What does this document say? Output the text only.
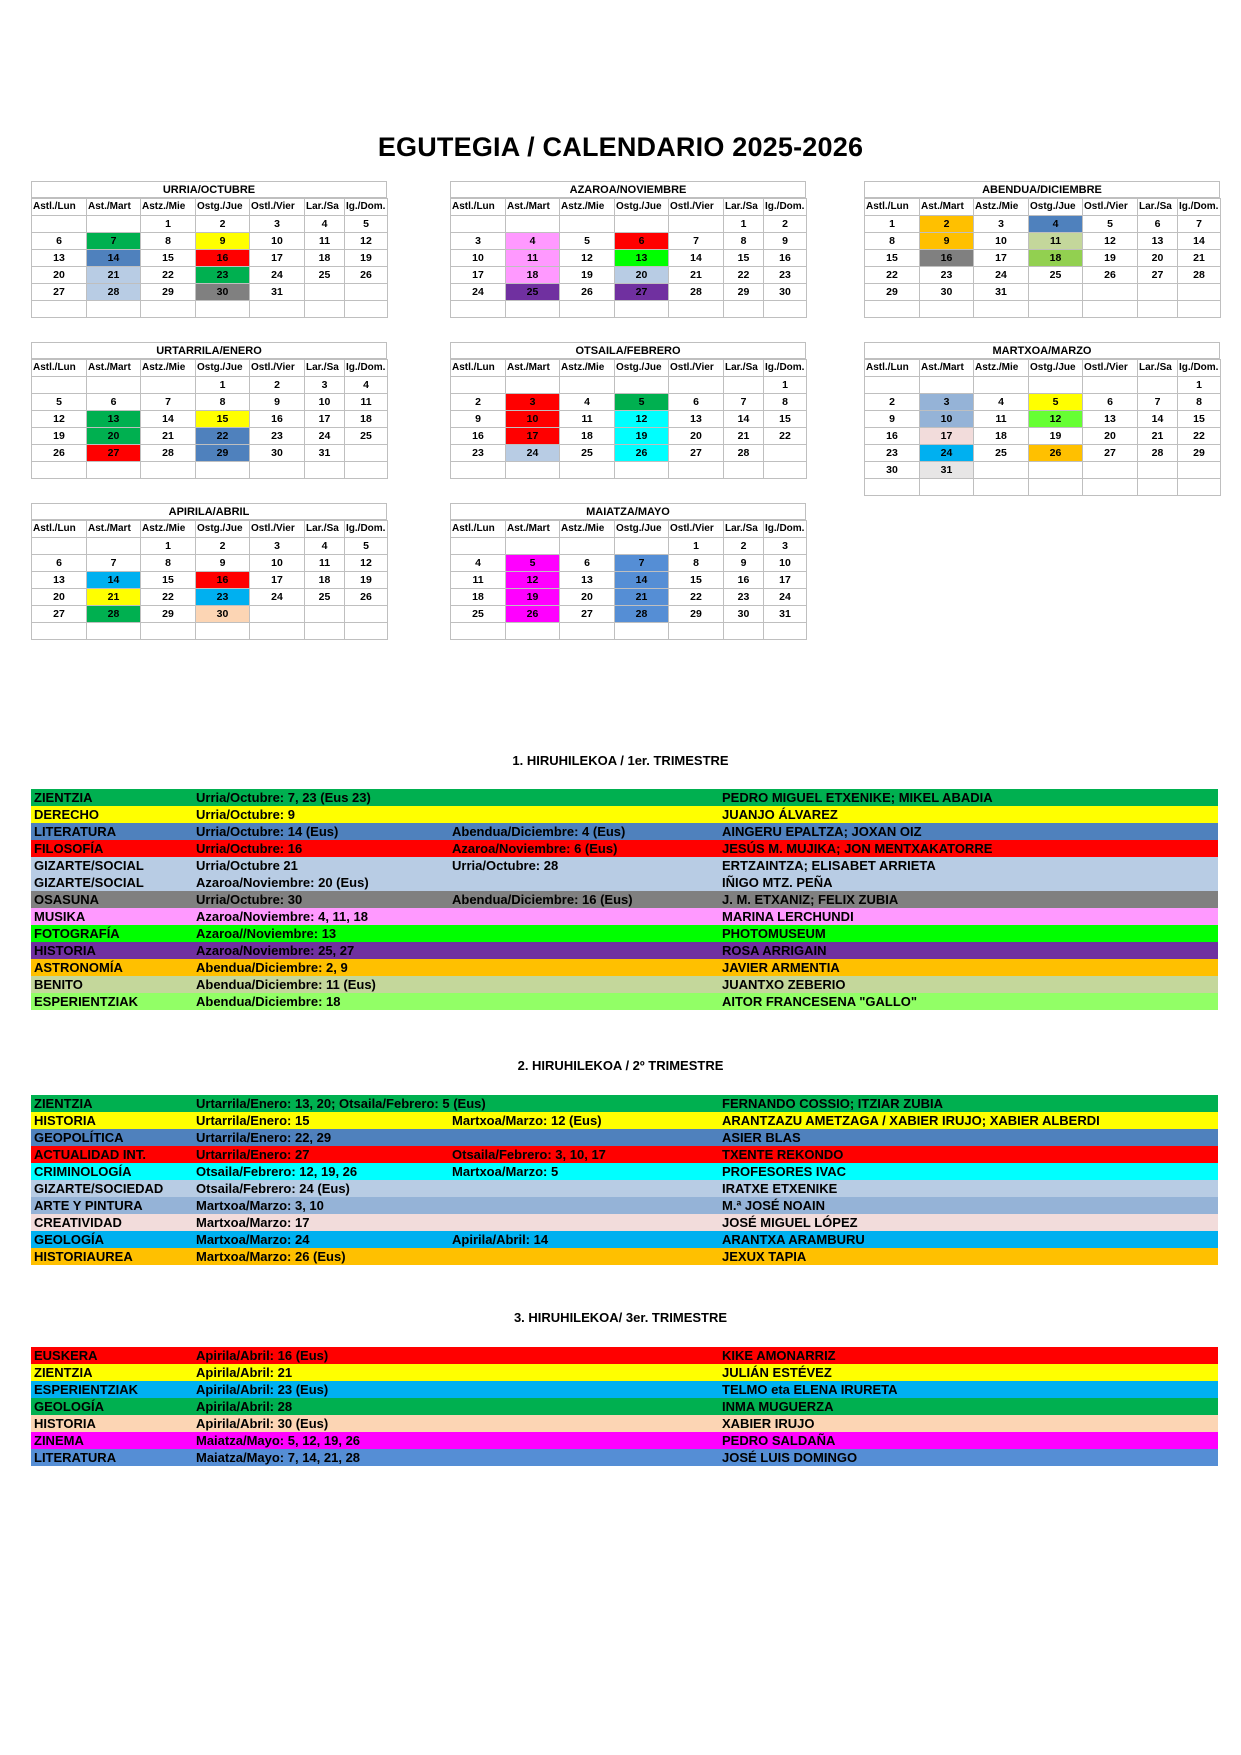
EGUTEGIA / CALENDARIO 2025-2026
URRIA/OCTUBRE
Astl./Lun	Ast./Mart	Astz./Mie	Ostg./Jue	Ostl./Vier	Lar./Sa	Ig./Dom.
		1	2	3	4	5
6	7	8	9	10	11	12
13	14	15	16	17	18	19
20	21	22	23	24	25	26
27	28	29	30	31		

AZAROA/NOVIEMBRE
Astl./Lun	Ast./Mart	Astz./Mie	Ostg./Jue	Ostl./Vier	Lar./Sa	Ig./Dom.
					1	2
3	4	5	6	7	8	9
10	11	12	13	14	15	16
17	18	19	20	21	22	23
24	25	26	27	28	29	30

ABENDUA/DICIEMBRE
Astl./Lun	Ast./Mart	Astz./Mie	Ostg./Jue	Ostl./Vier	Lar./Sa	Ig./Dom.
1	2	3	4	5	6	7
8	9	10	11	12	13	14
15	16	17	18	19	20	21
22	23	24	25	26	27	28
29	30	31				

URTARRILA/ENERO
Astl./Lun	Ast./Mart	Astz./Mie	Ostg./Jue	Ostl./Vier	Lar./Sa	Ig./Dom.
			1	2	3	4
5	6	7	8	9	10	11
12	13	14	15	16	17	18
19	20	21	22	23	24	25
26	27	28	29	30	31	

OTSAILA/FEBRERO
Astl./Lun	Ast./Mart	Astz./Mie	Ostg./Jue	Ostl./Vier	Lar./Sa	Ig./Dom.
						1
2	3	4	5	6	7	8
9	10	11	12	13	14	15
16	17	18	19	20	21	22
23	24	25	26	27	28	

MARTXOA/MARZO
Astl./Lun	Ast./Mart	Astz./Mie	Ostg./Jue	Ostl./Vier	Lar./Sa	Ig./Dom.
						1
2	3	4	5	6	7	8
9	10	11	12	13	14	15
16	17	18	19	20	21	22
23	24	25	26	27	28	29
30	31					

APIRILA/ABRIL
Astl./Lun	Ast./Mart	Astz./Mie	Ostg./Jue	Ostl./Vier	Lar./Sa	Ig./Dom.
		1	2	3	4	5
6	7	8	9	10	11	12
13	14	15	16	17	18	19
20	21	22	23	24	25	26
27	28	29	30			

MAIATZA/MAYO
Astl./Lun	Ast./Mart	Astz./Mie	Ostg./Jue	Ostl./Vier	Lar./Sa	Ig./Dom.
				1	2	3
4	5	6	7	8	9	10
11	12	13	14	15	16	17
18	19	20	21	22	23	24
25	26	27	28	29	30	31

1. HIRUHILEKOA / 1er. TRIMESTRE
ZIENTZIA	Urria/Octubre: 7, 23 (Eus 23)		PEDRO MIGUEL ETXENIKE; MIKEL ABADIA
DERECHO	Urria/Octubre: 9		JUANJO ÁLVAREZ
LITERATURA	Urria/Octubre: 14 (Eus)	Abendua/Diciembre: 4 (Eus)	AINGERU EPALTZA; JOXAN OIZ
FILOSOFÍA	Urria/Octubre: 16	Azaroa/Noviembre: 6 (Eus)	JESÚS M. MUJIKA; JON MENTXAKATORRE
GIZARTE/SOCIAL	Urria/Octubre 21	Urria/Octubre: 28	ERTZAINTZA; ELISABET ARRIETA
GIZARTE/SOCIAL	Azaroa/Noviembre: 20 (Eus)		IÑIGO MTZ. PEÑA
OSASUNA	Urria/Octubre: 30	Abendua/Diciembre: 16 (Eus)	J. M. ETXANIZ; FELIX ZUBIA
MUSIKA	Azaroa/Noviembre: 4, 11, 18		MARINA LERCHUNDI
FOTOGRAFÍA	Azaroa//Noviembre: 13		PHOTOMUSEUM
HISTORIA	Azaroa/Noviembre: 25, 27		ROSA ARRIGAIN
ASTRONOMÍA	Abendua/Diciembre: 2, 9		JAVIER ARMENTIA
BENITO	Abendua/Diciembre: 11 (Eus)		JUANTXO ZEBERIO
ESPERIENTZIAK	Abendua/Diciembre: 18		AITOR FRANCESENA "GALLO"
2. HIRUHILEKOA / 2º TRIMESTRE
ZIENTZIA	Urtarrila/Enero: 13, 20; Otsaila/Febrero: 5 (Eus)		FERNANDO COSSIO; ITZIAR ZUBIA
HISTORIA	Urtarrila/Enero: 15	Martxoa/Marzo: 12 (Eus)	ARANTZAZU AMETZAGA / XABIER IRUJO; XABIER ALBERDI
GEOPOLÍTICA	Urtarrila/Enero: 22, 29		ASIER BLAS
ACTUALIDAD INT.	Urtarrila/Enero: 27	Otsaila/Febrero: 3, 10, 17	TXENTE REKONDO
CRIMINOLOGÍA	Otsaila/Febrero: 12, 19, 26	Martxoa/Marzo: 5	PROFESORES IVAC
GIZARTE/SOCIEDAD	Otsaila/Febrero: 24 (Eus)		IRATXE ETXENIKE
ARTE Y PINTURA	Martxoa/Marzo: 3, 10		M.ª JOSÉ NOAIN
CREATIVIDAD	Martxoa/Marzo: 17		JOSÉ MIGUEL LÓPEZ
GEOLOGÍA	Martxoa/Marzo: 24	Apirila/Abril: 14	ARANTXA ARAMBURU
HISTORIAUREA	Martxoa/Marzo: 26 (Eus)		JEXUX TAPIA
3. HIRUHILEKOA/ 3er. TRIMESTRE
EUSKERA	Apirila/Abril: 16 (Eus)		KIKE AMONARRIZ
ZIENTZIA	Apirila/Abril: 21		JULIÁN ESTÉVEZ
ESPERIENTZIAK	Apirila/Abril: 23 (Eus)		TELMO eta ELENA IRURETA
GEOLOGÍA	Apirila/Abril: 28		INMA MUGUERZA
HISTORIA	Apirila/Abril: 30 (Eus)		XABIER IRUJO
ZINEMA	Maiatza/Mayo: 5, 12, 19, 26		PEDRO SALDAÑA
LITERATURA	Maiatza/Mayo: 7, 14, 21, 28		JOSÉ LUIS DOMINGO
